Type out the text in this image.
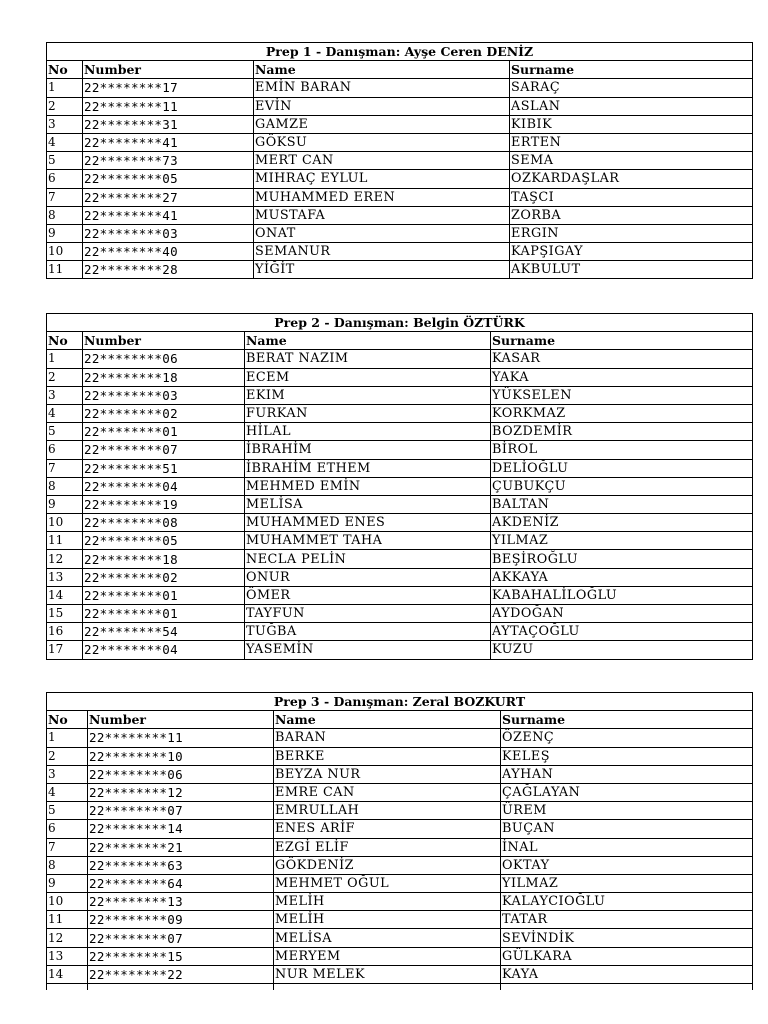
Prep 1 - Danışman: Ayşe Ceren DENİZ			
No	Number	Name	Surname
1	22********17	EMİN BARAN	SARAÇ
2	22********11	EVİN	ASLAN
3	22********31	GAMZE	KIBIK
4	22********41	GÖKSU	ERTEN
5	22********73	MERT CAN	SEMA
6	22********05	MIHRAÇ EYLUL	OZKARDAŞLAR
7	22********27	MUHAMMED EREN	TAŞCI
8	22********41	MUSTAFA	ZORBA
9	22********03	ONAT	ERGIN
10	22********40	SEMANUR	KAPŞIGAY
11	22********28	YİĞİT	AKBULUT
Prep 2 - Danışman: Belgin ÖZTÜRK			
No	Number	Name	Surname
1	22********06	BERAT NAZIM	KASAR
2	22********18	ECEM	YAKA
3	22********03	EKIM	YÜKSELEN
4	22********02	FURKAN	KORKMAZ
5	22********01	HİLAL	BOZDEMİR
6	22********07	İBRAHİM	BİROL
7	22********51	İBRAHİM ETHEM	DELİOĞLU
8	22********04	MEHMED EMİN	ÇUBUKÇU
9	22********19	MELİSA	BALTAN
10	22********08	MUHAMMED ENES	AKDENİZ
11	22********05	MUHAMMET TAHA	YILMAZ
12	22********18	NECLA PELİN	BEŞİROĞLU
13	22********02	ONUR	AKKAYA
14	22********01	ÖMER	KABAHALİLOĞLU
15	22********01	TAYFUN	AYDOĞAN
16	22********54	TUĞBA	AYTAÇOĞLU
17	22********04	YASEMİN	KUZU
Prep 3 - Danışman: Zeral BOZKURT			
No	Number	Name	Surname
1	22********11	BARAN	ÖZENÇ
2	22********10	BERKE	KELEŞ
3	22********06	BEYZA NUR	AYHAN
4	22********12	EMRE CAN	ÇAĞLAYAN
5	22********07	EMRULLAH	ÜREM
6	22********14	ENES ARİF	BUÇAN
7	22********21	EZGİ ELİF	İNAL
8	22********63	GÖKDENİZ	OKTAY
9	22********64	MEHMET OĞUL	YILMAZ
10	22********13	MELİH	KALAYCIOĞLU
11	22********09	MELİH	TATAR
12	22********07	MELİSA	SEVİNDİK
13	22********15	MERYEM	GÜLKARA
14	22********22	NUR MELEK	KAYA
